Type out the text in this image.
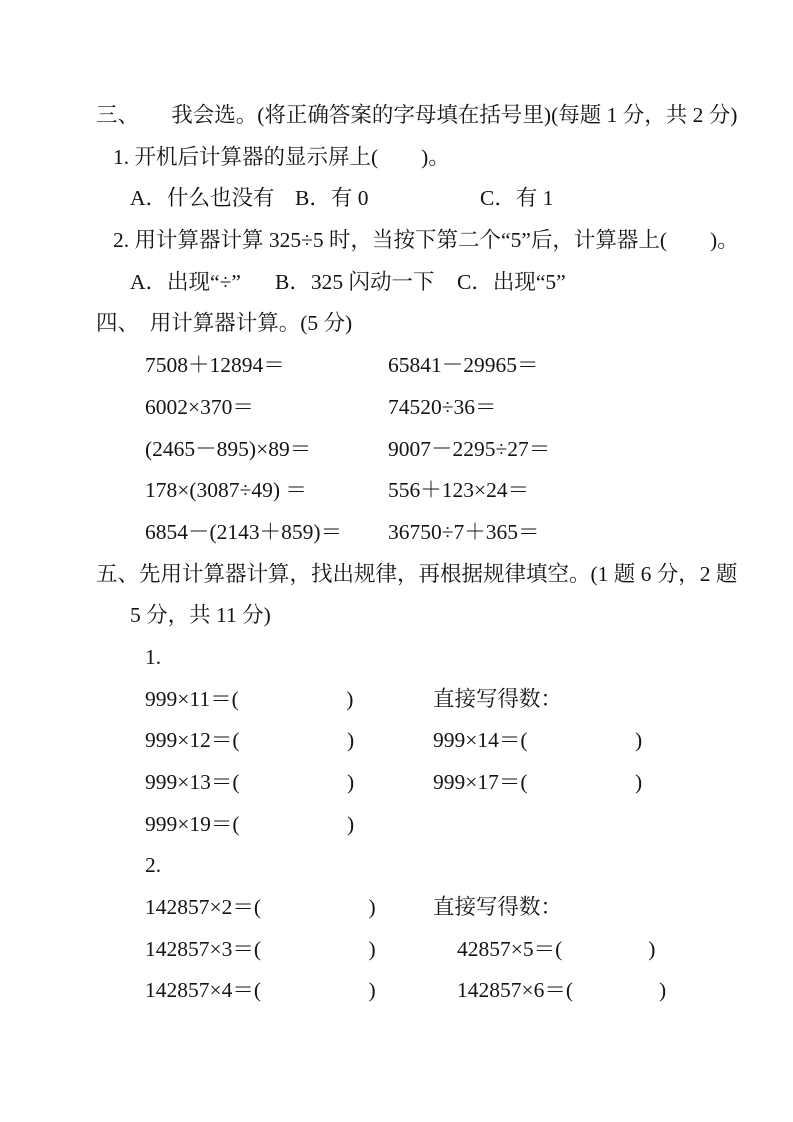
三、　　我会选。(将正确答案的字母填在括号里)(每题 1 分，共 2 分)
1. 开机后计算器的显示屏上(　　)。
A．什么也没有 B．有 0	C．有 1
2. 用计算器计算 325÷5 时，当按下第二个“5”后，计算器上(　　)。
A．出现“÷” B．325 闪动一下 C．出现“5”
四、　用计算器计算。(5 分)
7508＋12894＝	65841－29965＝
6002×370＝	74520÷36＝
(2465－895)×89＝	9007－2295÷27＝
178×(3087÷49) ＝	556＋123×24＝
6854－(2143＋859)＝ 36750÷7＋365＝
五、先用计算器计算，找出规律，再根据规律填空。(1 题 6 分，2 题
5 分，共 11 分)
1.
999×11＝(　　　　　)	直接写得数：
999×12＝(　　　　　)	999×14＝(　　　　　)
999×13＝(　　　　　)	999×17＝(　　　　　)
999×19＝(　　　　　)
2.
142857×2＝(　　　　　)	直接写得数：
142857×3＝(　　　　　)	42857×5＝(　　　　)
142857×4＝(　　　　　)	142857×6＝(　　　　)
